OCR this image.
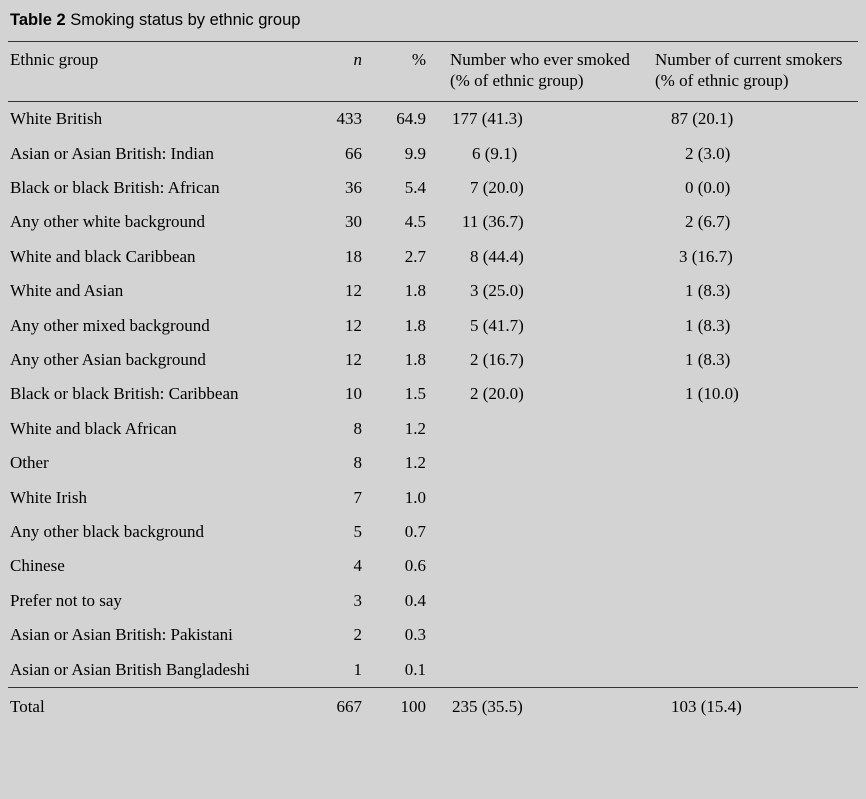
Table 2 Smoking status by ethnic group
Ethnic group	n	%	Number who ever smoked (% of ethnic group)	Number of current smokers (% of ethnic group)
White British	433	64.9	177 (41.3)	87 (20.1)
Asian or Asian British: Indian	66	9.9	6 (9.1)	2 (3.0)
Black or black British: African	36	5.4	7 (20.0)	0 (0.0)
Any other white background	30	4.5	11 (36.7)	2 (6.7)
White and black Caribbean	18	2.7	8 (44.4)	3 (16.7)
White and Asian	12	1.8	3 (25.0)	1 (8.3)
Any other mixed background	12	1.8	5 (41.7)	1 (8.3)
Any other Asian background	12	1.8	2 (16.7)	1 (8.3)
Black or black British: Caribbean	10	1.5	2 (20.0)	1 (10.0)
White and black African	8	1.2		
Other	8	1.2		
White Irish	7	1.0		
Any other black background	5	0.7		
Chinese	4	0.6		
Prefer not to say	3	0.4		
Asian or Asian British: Pakistani	2	0.3		
Asian or Asian British Bangladeshi	1	0.1		
Total	667	100	235 (35.5)	103 (15.4)
